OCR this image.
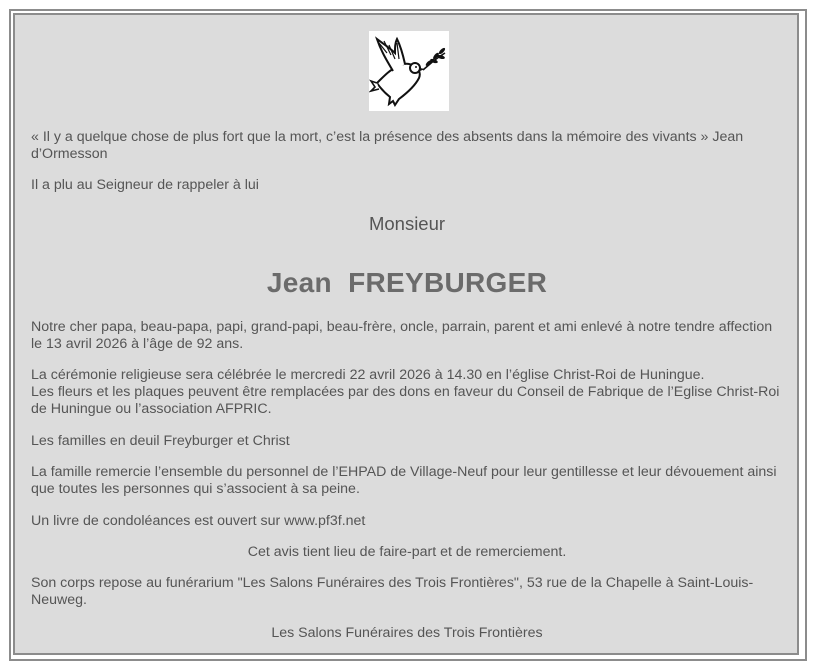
« Il y a quelque chose de plus fort que la mort, c’est la présence des absents dans la mémoire des vivants » Jean d’Ormesson

Il a plu au Seigneur de rappeler à lui

Monsieur

Jean FREYBURGER

Notre cher papa, beau-papa, papi, grand-papi, beau-frère, oncle, parrain, parent et ami enlevé à notre tendre affection le 13 avril 2026 à l’âge de 92 ans.

La cérémonie religieuse sera célébrée le mercredi 22 avril 2026 à 14.30 en l’église Christ-Roi de Huningue.

Les fleurs et les plaques peuvent être remplacées par des dons en faveur du Conseil de Fabrique de l’Eglise Christ-Roi de Huningue ou l’association AFPRIC.

Les familles en deuil Freyburger et Christ

La famille remercie l’ensemble du personnel de l’EHPAD de Village-Neuf pour leur gentillesse et leur dévouement ainsi que toutes les personnes qui s’associent à sa peine.

Un livre de condoléances est ouvert sur www.pf3f.net

Cet avis tient lieu de faire-part et de remerciement.

Son corps repose au funérarium "Les Salons Funéraires des Trois Frontières", 53 rue de la Chapelle à Saint-Louis-Neuweg.

Les Salons Funéraires des Trois Frontières
